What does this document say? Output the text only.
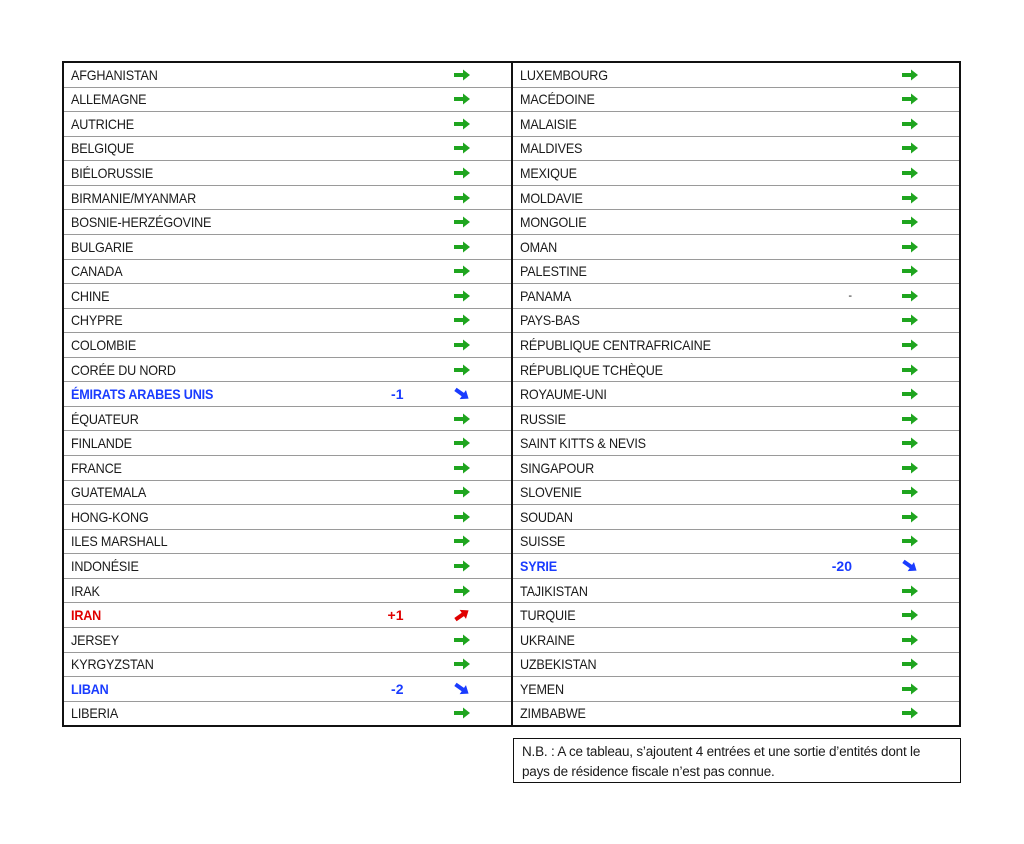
AFGHANISTAN
ALLEMAGNE
AUTRICHE
BELGIQUE
BIÉLORUSSIE
BIRMANIE/MYANMAR
BOSNIE-HERZÉGOVINE
BULGARIE
CANADA
CHINE
CHYPRE
COLOMBIE
CORÉE DU NORD
ÉMIRATS ARABES UNIS	-1
ÉQUATEUR
FINLANDE
FRANCE
GUATEMALA
HONG-KONG
ILES MARSHALL
INDONÉSIE
IRAK
IRAN	+1
JERSEY
KYRGYZSTAN
LIBAN	-2
LIBERIA
LUXEMBOURG
MACÉDOINE
MALAISIE
MALDIVES
MEXIQUE
MOLDAVIE
MONGOLIE
OMAN
PALESTINE
PANAMA	-
PAYS-BAS
RÉPUBLIQUE CENTRAFRICAINE
RÉPUBLIQUE TCHÈQUE
ROYAUME-UNI
RUSSIE
SAINT KITTS & NEVIS
SINGAPOUR
SLOVENIE
SOUDAN
SUISSE
SYRIE	-20
TAJIKISTAN
TURQUIE
UKRAINE
UZBEKISTAN
YEMEN
ZIMBABWE
N.B. : A ce tableau, s’ajoutent 4 entrées et une sortie d’entités dont le
pays de résidence fiscale n’est pas connue.
